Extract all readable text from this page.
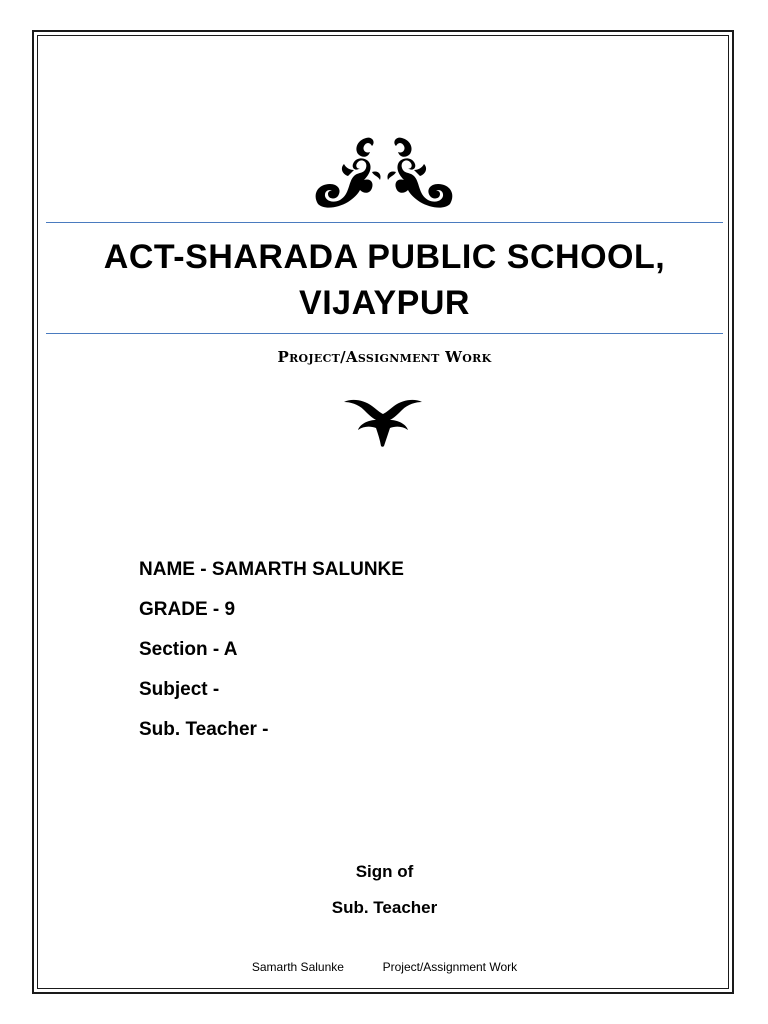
ACT-SHARADA PUBLIC SCHOOL,
VIJAYPUR
Project/Assignment Work
NAME - SAMARTH SALUNKE
GRADE - 9
Section - A
Subject -
Sub. Teacher -
Sign of
Sub. Teacher
Samarth Salunke	Project/Assignment Work
